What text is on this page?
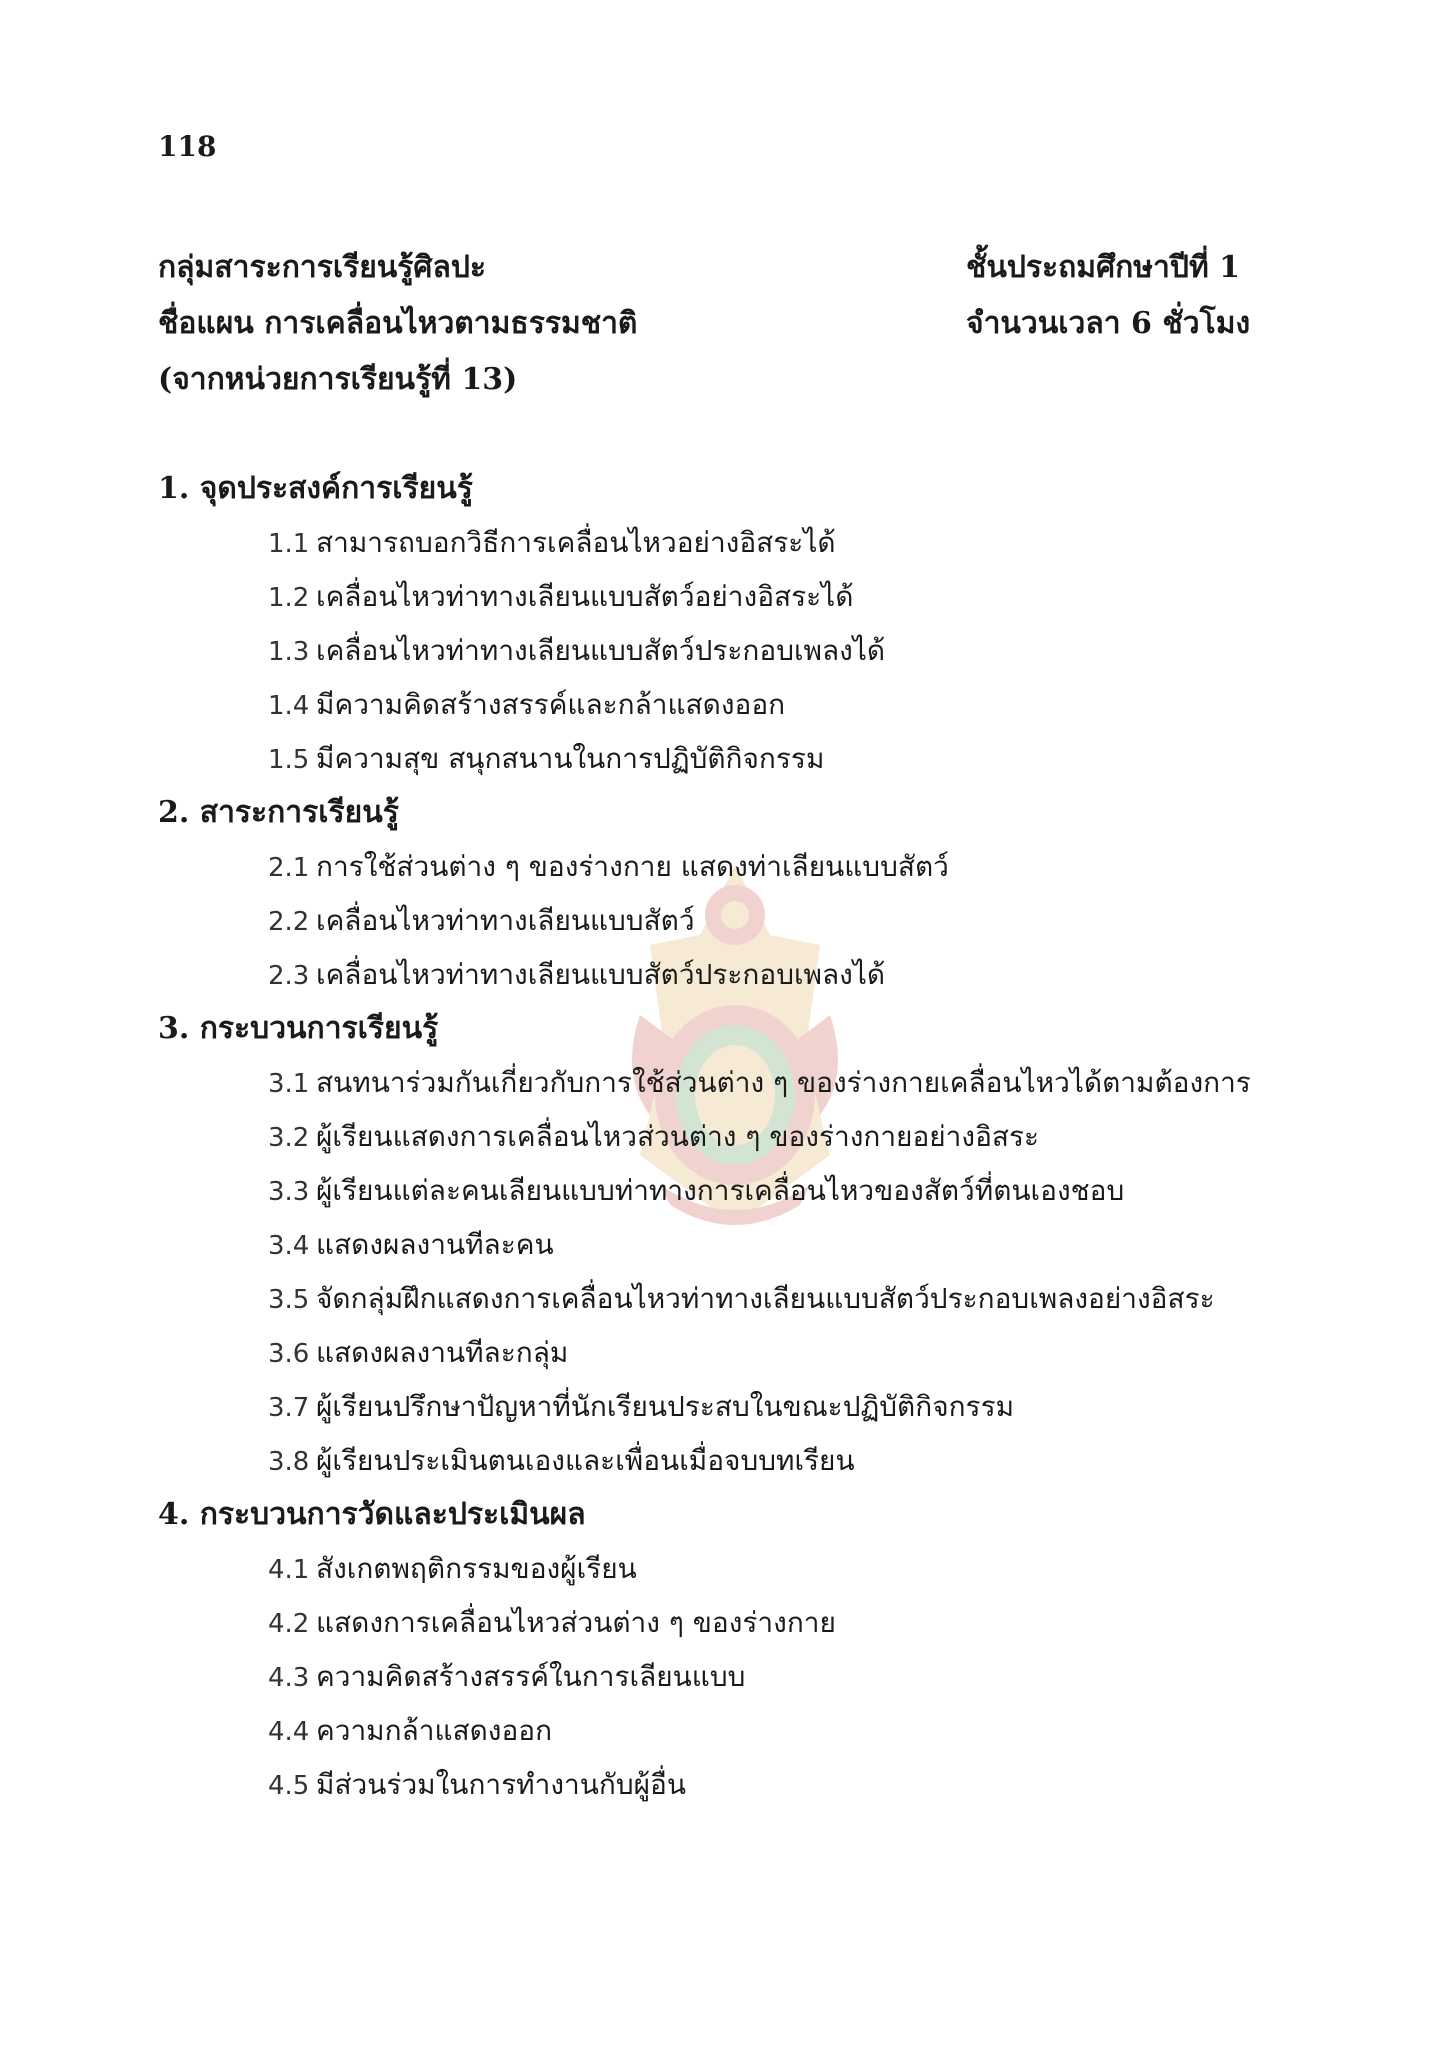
118
กลุ่มสาระการเรียนรู้ศิลปะ
ชื่อแผน การเคลื่อนไหวตามธรรมชาติ
(จากหน่วยการเรียนรู้ที่ 13)
ชั้นประถมศึกษาปีที่ 1
จำนวนเวลา 6 ชั่วโมง
1. จุดประสงค์การเรียนรู้
1.1 สามารถบอกวิธีการเคลื่อนไหวอย่างอิสระได้
1.2 เคลื่อนไหวท่าทางเลียนแบบสัตว์อย่างอิสระได้
1.3 เคลื่อนไหวท่าทางเลียนแบบสัตว์ประกอบเพลงได้
1.4 มีความคิดสร้างสรรค์และกล้าแสดงออก
1.5 มีความสุข สนุกสนานในการปฏิบัติกิจกรรม
2. สาระการเรียนรู้
2.1 การใช้ส่วนต่าง ๆ ของร่างกาย แสดงท่าเลียนแบบสัตว์
2.2 เคลื่อนไหวท่าทางเลียนแบบสัตว์
2.3 เคลื่อนไหวท่าทางเลียนแบบสัตว์ประกอบเพลงได้
3. กระบวนการเรียนรู้
3.1 สนทนาร่วมกันเกี่ยวกับการใช้ส่วนต่าง ๆ ของร่างกายเคลื่อนไหวได้ตามต้องการ
3.2 ผู้เรียนแสดงการเคลื่อนไหวส่วนต่าง ๆ ของร่างกายอย่างอิสระ
3.3 ผู้เรียนแต่ละคนเลียนแบบท่าทางการเคลื่อนไหวของสัตว์ที่ตนเองชอบ
3.4 แสดงผลงานทีละคน
3.5 จัดกลุ่มฝึกแสดงการเคลื่อนไหวท่าทางเลียนแบบสัตว์ประกอบเพลงอย่างอิสระ
3.6 แสดงผลงานทีละกลุ่ม
3.7 ผู้เรียนปรึกษาปัญหาที่นักเรียนประสบในขณะปฏิบัติกิจกรรม
3.8 ผู้เรียนประเมินตนเองและเพื่อนเมื่อจบบทเรียน
4. กระบวนการวัดและประเมินผล
4.1 สังเกตพฤติกรรมของผู้เรียน
4.2 แสดงการเคลื่อนไหวส่วนต่าง ๆ ของร่างกาย
4.3 ความคิดสร้างสรรค์ในการเลียนแบบ
4.4 ความกล้าแสดงออก
4.5 มีส่วนร่วมในการทำงานกับผู้อื่น
